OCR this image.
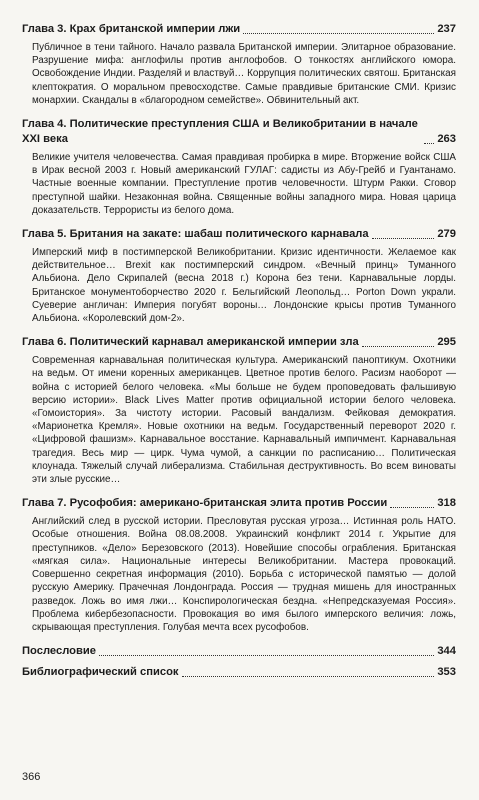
Глава 3. Крах британской империи лжи	237
Публичное в тени тайного. Начало развала Британской империи. Элитарное образование. Разрушение мифа: англофилы против англофобов. О тонкостях английского юмора. Освобождение Индии. Разделяй и властвуй… Коррупция политических святош. Британская клептократия. О моральном превосходстве. Самые правдивые британские СМИ. Кризис монархии. Скандалы в «благородном семействе». Обвинительный акт.
Глава 4. Политические преступления США и Великобритании в начале XXI века	263
Великие учителя человечества. Самая правдивая пробирка в мире. Вторжение войск США в Ирак весной 2003 г. Новый американский ГУЛАГ: садисты из Абу-Грейб и Гуантанамо. Частные военные компании. Преступление против человечности. Штурм Ракки. Сговор преступной шайки. Незаконная война. Священные войны западного мира. Новая царица доказательств. Террористы из белого дома.
Глава 5. Британия на закате: шабаш политического карнавала	279
Имперский миф в постимперской Великобритании. Кризис идентичности. Желаемое как действительное… Brexit как постимперский синдром. «Вечный принц» Туманного Альбиона. Дело Скрипалей (весна 2018 г.) Корона без тени. Карнавальные лорды. Британское монументоборчество 2020 г. Бельгийский Леопольд… Porton Down украли. Суеверие англичан: Империя погубят вороны… Лондонские крысы против Туманного Альбиона. «Королевский дом-2».
Глава 6. Политический карнавал американской империи зла	295
Современная карнавальная политическая культура. Американский паноптикум. Охотники на ведьм. От имени коренных американцев. Цветное против белого. Расизм наоборот — война с историей белого человека. «Мы больше не будем проповедовать фальшивую версию истории». Black Lives Matter против официальной истории белого человека. «Гомоистория». За чистоту истории. Расовый вандализм. Фейковая демократия. «Марионетка Кремля». Новые охотники на ведьм. Государственный переворот 2020 г. «Цифровой фашизм». Карнавальное восстание. Карнавальный импичмент. Карнавальная трагедия. Весь мир — цирк. Чума чумой, а санкции по расписанию… Политическая клоунада. Тяжелый случай либерализма. Стабильная деструктивность. Во всем виноваты эти злые русские…
Глава 7. Русофобия: американо-британская элита против России	318
Английский след в русской истории. Пресловутая русская угроза… Истинная роль НАТО. Особые отношения. Война 08.08.2008. Украинский конфликт 2014 г. Укрытие для преступников. «Дело» Березовского (2013). Новейшие способы ограбления. Британская «мягкая сила». Национальные интересы Великобритании. Мастера провокаций. Совершенно секретная информация (2010). Борьба с исторической памятью — долой русскую Америку. Прачечная Лондонграда. Россия — трудная мишень для иностранных разведок. Ложь во имя лжи… Конспирологическая бездна. «Непредсказуемая Россия». Проблема кибербезопасности. Провокация во имя былого имперского величия: ложь, скрывающая преступления. Голубая мечта всех русофобов.
Послесловие	344
Библиографический список	353
366
